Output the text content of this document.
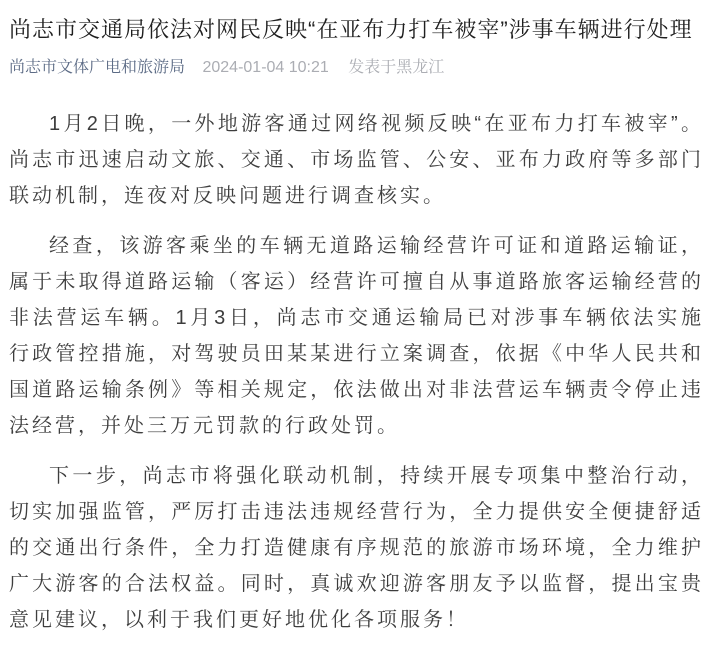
尚志市交通局依法对网民反映“在亚布力打车被宰”涉事车辆进行处理
尚志市文体广电和旅游局 2024-01-04 10:21 发表于黑龙江

1月2日晚，一外地游客通过网络视频反映“在亚布力打车被宰”。尚志市迅速启动文旅、交通、市场监管、公安、亚布力政府等多部门联动机制，连夜对反映问题进行调查核实。

经查，该游客乘坐的车辆无道路运输经营许可证和道路运输证，属于未取得道路运输（客运）经营许可擅自从事道路旅客运输经营的非法营运车辆。1月3日，尚志市交通运输局已对涉事车辆依法实施行政管控措施，对驾驶员田某某进行立案调查，依据《中华人民共和国道路运输条例》等相关规定，依法做出对非法营运车辆责令停止违法经营，并处三万元罚款的行政处罚。

下一步，尚志市将强化联动机制，持续开展专项集中整治行动，切实加强监管，严厉打击违法违规经营行为，全力提供安全便捷舒适的交通出行条件，全力打造健康有序规范的旅游市场环境，全力维护广大游客的合法权益。同时，真诚欢迎游客朋友予以监督，提出宝贵意见建议，以利于我们更好地优化各项服务！
